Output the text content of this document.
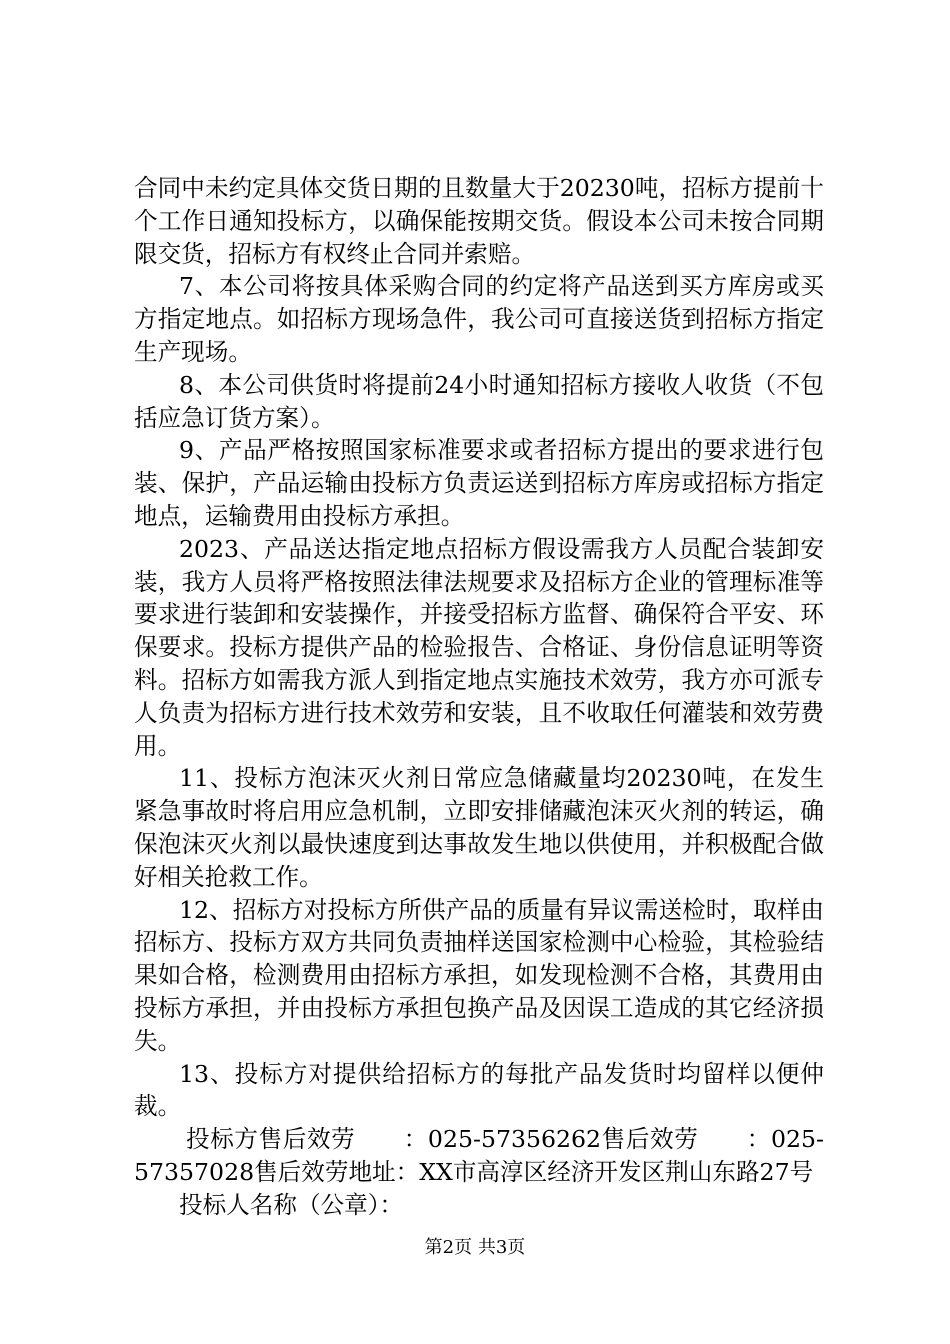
合同中未约定具体交货日期的且数量大于20230吨，招标方提前十个工作日通知投标方，以确保能按期交货。假设本公司未按合同期限交货，招标方有权终止合同并索赔。

7、本公司将按具体采购合同的约定将产品送到买方库房或买方指定地点。如招标方现场急件，我公司可直接送货到招标方指定生产现场。

8、本公司供货时将提前24小时通知招标方接收人收货（不包括应急订货方案）。

9、产品严格按照国家标准要求或者招标方提出的要求进行包装、保护，产品运输由投标方负责运送到招标方库房或招标方指定地点，运输费用由投标方承担。

2023、产品送达指定地点招标方假设需我方人员配合装卸安装，我方人员将严格按照法律法规要求及招标方企业的管理标准等要求进行装卸和安装操作，并接受招标方监督、确保符合平安、环保要求。投标方提供产品的检验报告、合格证、身份信息证明等资料。招标方如需我方派人到指定地点实施技术效劳，我方亦可派专人负责为招标方进行技术效劳和安装，且不收取任何灌装和效劳费用。

11、投标方泡沫灭火剂日常应急储藏量均20230吨，在发生紧急事故时将启用应急机制，立即安排储藏泡沫灭火剂的转运，确保泡沫灭火剂以最快速度到达事故发生地以供使用，并积极配合做好相关抢救工作。

12、招标方对投标方所供产品的质量有异议需送检时，取样由招标方、投标方双方共同负责抽样送国家检测中心检验，其检验结果如合格，检测费用由招标方承担，如发现检测不合格，其费用由投标方承担，并由投标方承担包换产品及因误工造成的其它经济损失。

13、投标方对提供给招标方的每批产品发货时均留样以便仲裁。

投标方售后效劳　　：025-57356262售后效劳　　：025-57357028售后效劳地址：XX市高淳区经济开发区荆山东路27号

投标人名称（公章）：

第2页 共3页
